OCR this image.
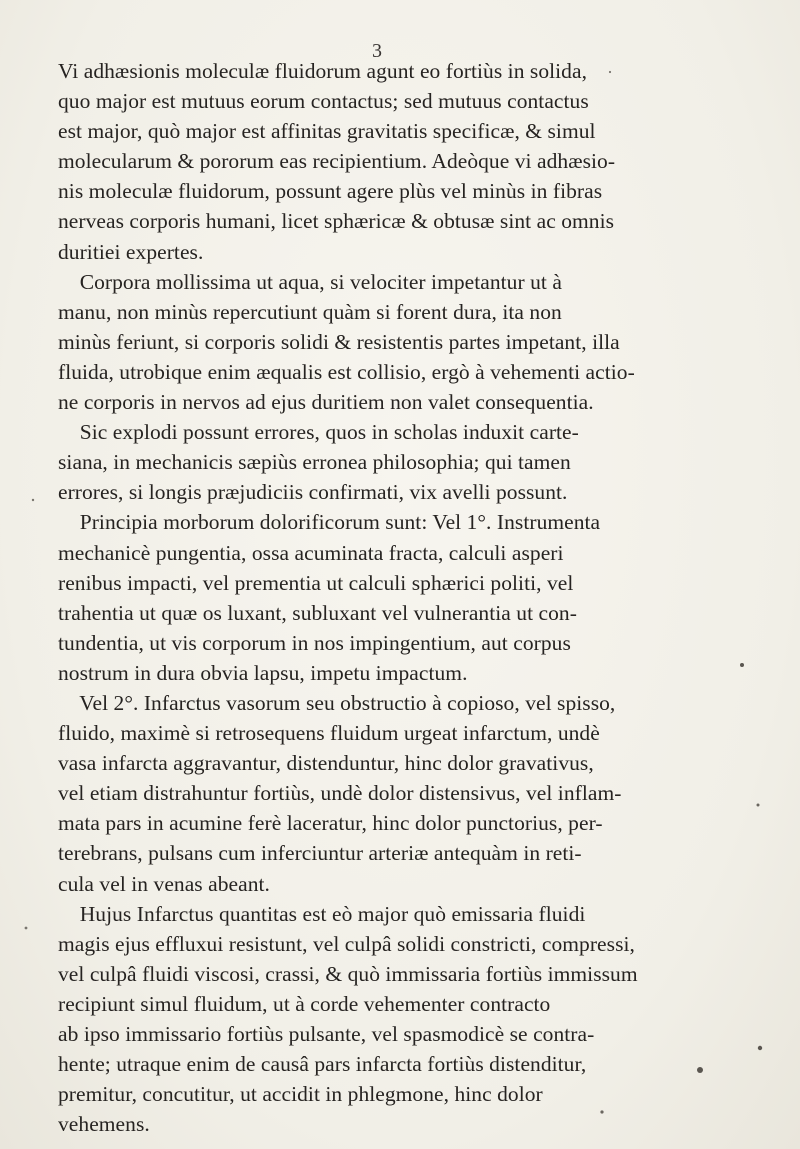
3
Vi adhæsionis moleculæ fluidorum agunt eo fortiùs in solida,
quo major est mutuus eorum contactus; sed mutuus contactus
est major, quò major est affinitas gravitatis specificæ, & simul
molecularum & pororum eas recipientium. Adeòque vi adhæsio-
nis moleculæ fluidorum, possunt agere plùs vel minùs in fibras
nerveas corporis humani, licet sphæricæ & obtusæ sint ac omnis
duritiei expertes.
Corpora mollissima ut aqua, si velociter impetantur ut à
manu, non minùs repercutiunt quàm si forent dura, ita non
minùs feriunt, si corporis solidi & resistentis partes impetant, illa
fluida, utrobique enim æqualis est collisio, ergò à vehementi actio-
ne corporis in nervos ad ejus duritiem non valet consequentia.
Sic explodi possunt errores, quos in scholas induxit carte-
siana, in mechanicis sæpiùs erronea philosophia; qui tamen
errores, si longis præjudiciis confirmati, vix avelli possunt.
Principia morborum dolorificorum sunt: Vel 1°. Instrumenta
mechanicè pungentia, ossa acuminata fracta, calculi asperi
renibus impacti, vel prementia ut calculi sphærici politi, vel
trahentia ut quæ os luxant, subluxant vel vulnerantia ut con-
tundentia, ut vis corporum in nos impingentium, aut corpus
nostrum in dura obvia lapsu, impetu impactum.
Vel 2°. Infarctus vasorum seu obstructio à copioso, vel spisso,
fluido, maximè si retrosequens fluidum urgeat infarctum, undè
vasa infarcta aggravantur, distenduntur, hinc dolor gravativus,
vel etiam distrahuntur fortiùs, undè dolor distensivus, vel inflam-
mata pars in acumine ferè laceratur, hinc dolor punctorius, per-
terebrans, pulsans cum inferciuntur arteriæ antequàm in reti-
cula vel in venas abeant.
Hujus Infarctus quantitas est eò major quò emissaria fluidi
magis ejus effluxui resistunt, vel culpâ solidi constricti, compressi,
vel culpâ fluidi viscosi, crassi, & quò immissaria fortiùs immissum
recipiunt simul fluidum, ut à corde vehementer contracto
ab ipso immissario fortiùs pulsante, vel spasmodicè se contra-
hente; utraque enim de causâ pars infarcta fortiùs distenditur,
premitur, concutitur, ut accidit in phlegmone, hinc dolor
vehemens.
